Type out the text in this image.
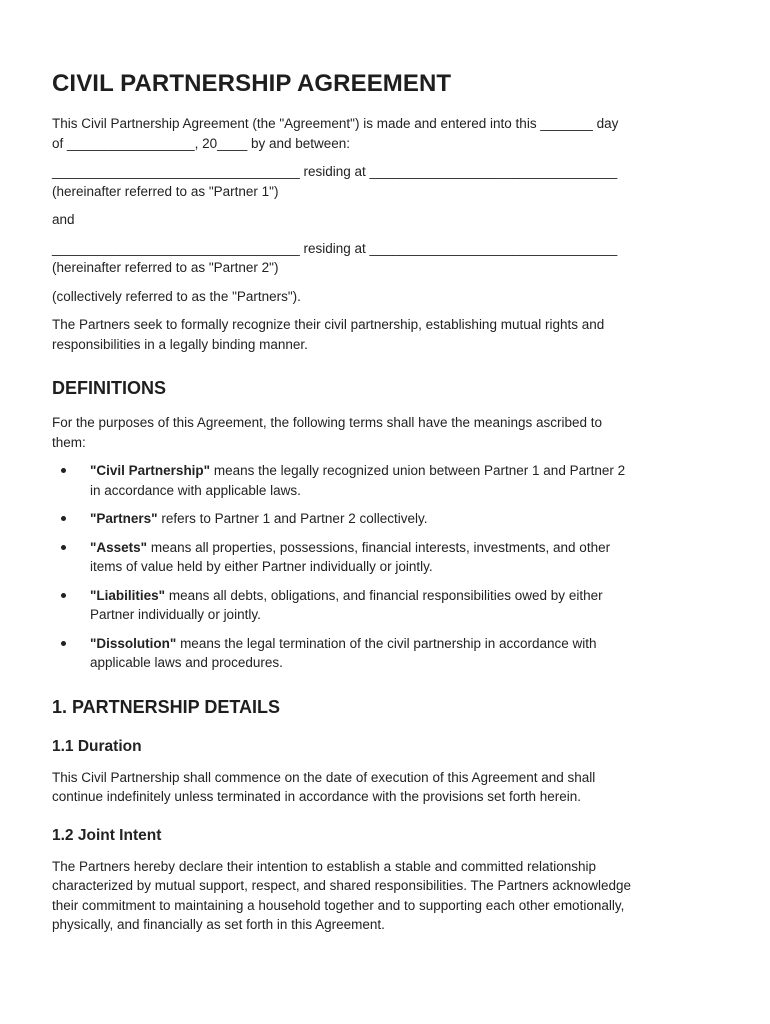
CIVIL PARTNERSHIP AGREEMENT

This Civil Partnership Agreement (the "Agreement") is made and entered into this _______ day
of _________________, 20____ by and between:

_________________________________ residing at _________________________________
(hereinafter referred to as "Partner 1")

and

_________________________________ residing at _________________________________
(hereinafter referred to as "Partner 2")

(collectively referred to as the "Partners").

The Partners seek to formally recognize their civil partnership, establishing mutual rights and
responsibilities in a legally binding manner.

DEFINITIONS

For the purposes of this Agreement, the following terms shall have the meanings ascribed to
them:

"Civil Partnership" means the legally recognized union between Partner 1 and Partner 2
in accordance with applicable laws.
"Partners" refers to Partner 1 and Partner 2 collectively.
"Assets" means all properties, possessions, financial interests, investments, and other
items of value held by either Partner individually or jointly.
"Liabilities" means all debts, obligations, and financial responsibilities owed by either
Partner individually or jointly.
"Dissolution" means the legal termination of the civil partnership in accordance with
applicable laws and procedures.
1. PARTNERSHIP DETAILS
1.1 Duration

This Civil Partnership shall commence on the date of execution of this Agreement and shall
continue indefinitely unless terminated in accordance with the provisions set forth herein.

1.2 Joint Intent

The Partners hereby declare their intention to establish a stable and committed relationship
characterized by mutual support, respect, and shared responsibilities. The Partners acknowledge
their commitment to maintaining a household together and to supporting each other emotionally,
physically, and financially as set forth in this Agreement.
